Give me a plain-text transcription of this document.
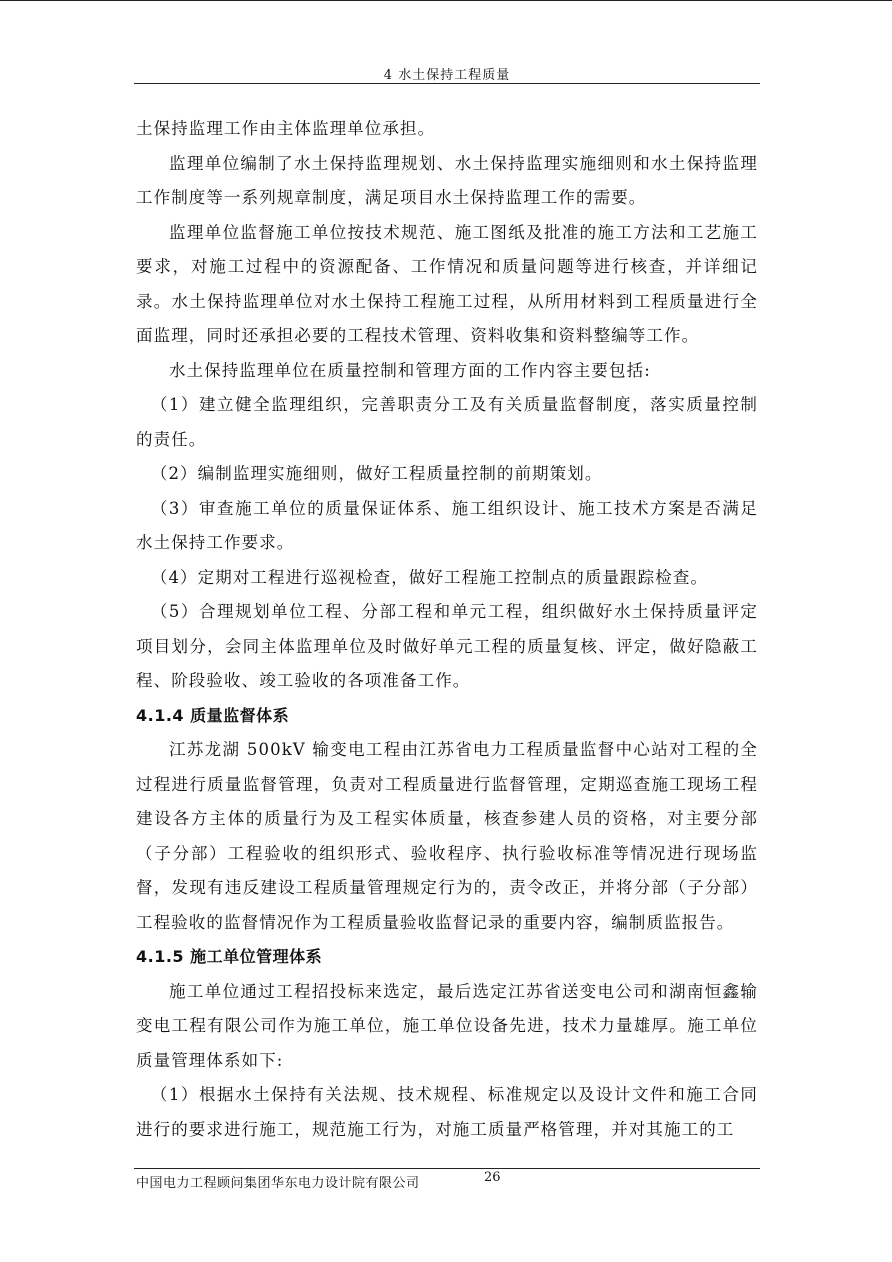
4 水土保持工程质量

土保持监理工作由主体监理单位承担。

监理单位编制了水土保持监理规划、水土保持监理实施细则和水土保持监理工作制度等一系列规章制度，满足项目水土保持监理工作的需要。

监理单位监督施工单位按技术规范、施工图纸及批准的施工方法和工艺施工要求，对施工过程中的资源配备、工作情况和质量问题等进行核查，并详细记录。水土保持监理单位对水土保持工程施工过程，从所用材料到工程质量进行全面监理，同时还承担必要的工程技术管理、资料收集和资料整编等工作。

水土保持监理单位在质量控制和管理方面的工作内容主要包括:

（1）建立健全监理组织，完善职责分工及有关质量监督制度，落实质量控制的责任。

（2）编制监理实施细则，做好工程质量控制的前期策划。

（3）审查施工单位的质量保证体系、施工组织设计、施工技术方案是否满足水土保持工作要求。

（4）定期对工程进行巡视检查，做好工程施工控制点的质量跟踪检查。

（5）合理规划单位工程、分部工程和单元工程，组织做好水土保持质量评定项目划分，会同主体监理单位及时做好单元工程的质量复核、评定，做好隐蔽工程、阶段验收、竣工验收的各项准备工作。

4.1.4 质量监督体系

江苏龙湖 500kV 输变电工程由江苏省电力工程质量监督中心站对工程的全过程进行质量监督管理，负责对工程质量进行监督管理，定期巡查施工现场工程建设各方主体的质量行为及工程实体质量，核查参建人员的资格，对主要分部（子分部）工程验收的组织形式、验收程序、执行验收标准等情况进行现场监督，发现有违反建设工程质量管理规定行为的，责令改正，并将分部（子分部）工程验收的监督情况作为工程质量验收监督记录的重要内容，编制质监报告。

4.1.5 施工单位管理体系

施工单位通过工程招投标来选定，最后选定江苏省送变电公司和湖南恒鑫输变电工程有限公司作为施工单位，施工单位设备先进，技术力量雄厚。施工单位质量管理体系如下:

（1）根据水土保持有关法规、技术规程、标准规定以及设计文件和施工合同进行的要求进行施工，规范施工行为，对施工质量严格管理，并对其施工的工

中国电力工程顾问集团华东电力设计院有限公司	26
